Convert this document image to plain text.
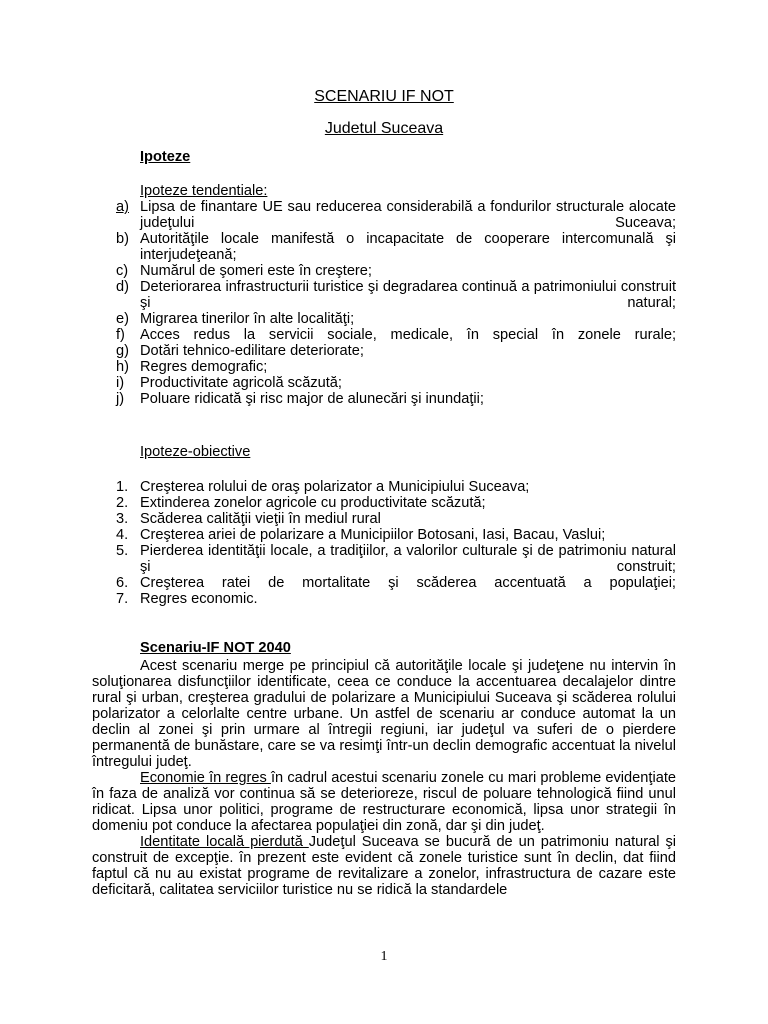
SCENARIU IF NOT
Judetul Suceava
Ipoteze
Ipoteze tendentiale:
a) Lipsa de finantare UE sau reducerea considerabilă a fondurilor structurale alocate judeţului Suceava;
b) Autorităţile locale manifestă o incapacitate de cooperare intercomunală şi interjudeţeană;
c) Numărul de şomeri este în creştere;
d) Deteriorarea infrastructurii turistice şi degradarea continuă a patrimoniului construit şi natural;
e) Migrarea tinerilor în alte localităţi;
f) Acces redus la servicii sociale, medicale, în special în zonele rurale;
g) Dotări tehnico-edilitare deteriorate;
h) Regres demografic;
i) Productivitate agricolă scăzută;
j) Poluare ridicată şi risc major de alunecări şi inundaţii;
Ipoteze-obiective
1. Creşterea rolului de oraş polarizator a Municipiului Suceava;
2. Extinderea zonelor agricole cu productivitate scăzută;
3. Scăderea calităţii vieţii în mediul rural
4. Creşterea ariei de polarizare a Municipiilor Botosani, Iasi, Bacau, Vaslui;
5. Pierderea identităţii locale, a tradiţiilor, a valorilor culturale şi de patrimoniu natural şi construit;
6. Creşterea ratei de mortalitate şi scăderea accentuată a populaţiei;
7. Regres economic.
Scenariu-IF NOT 2040

Acest scenariu merge pe principiul că autorităţile locale şi judeţene nu intervin în soluţionarea disfuncţiilor identificate, ceea ce conduce la accentuarea decalajelor dintre rural şi urban, creşterea gradului de polarizare a Municipiului Suceava şi scăderea rolului polarizator a celorlalte centre urbane. Un astfel de scenariu ar conduce automat la un declin al zonei şi prin urmare al întregii regiuni, iar judeţul va suferi de o pierdere permanentă de bunăstare, care se va resimţi într-un declin demografic accentuat la nivelul întregului judeţ.

Economie în regres în cadrul acestui scenariu zonele cu mari probleme evidenţiate în faza de analiză vor continua să se deterioreze, riscul de poluare tehnologică fiind unul ridicat. Lipsa unor politici, programe de restructurare economică, lipsa unor strategii în domeniu pot conduce la afectarea populaţiei din zonă, dar şi din judeţ.

Identitate locală pierdută Judeţul Suceava se bucură de un patrimoniu natural şi construit de excepţie. în prezent este evident că zonele turistice sunt în declin, dat fiind faptul că nu au existat programe de revitalizare a zonelor, infrastructura de cazare este deficitară, calitatea serviciilor turistice nu se ridică la standardele

1
